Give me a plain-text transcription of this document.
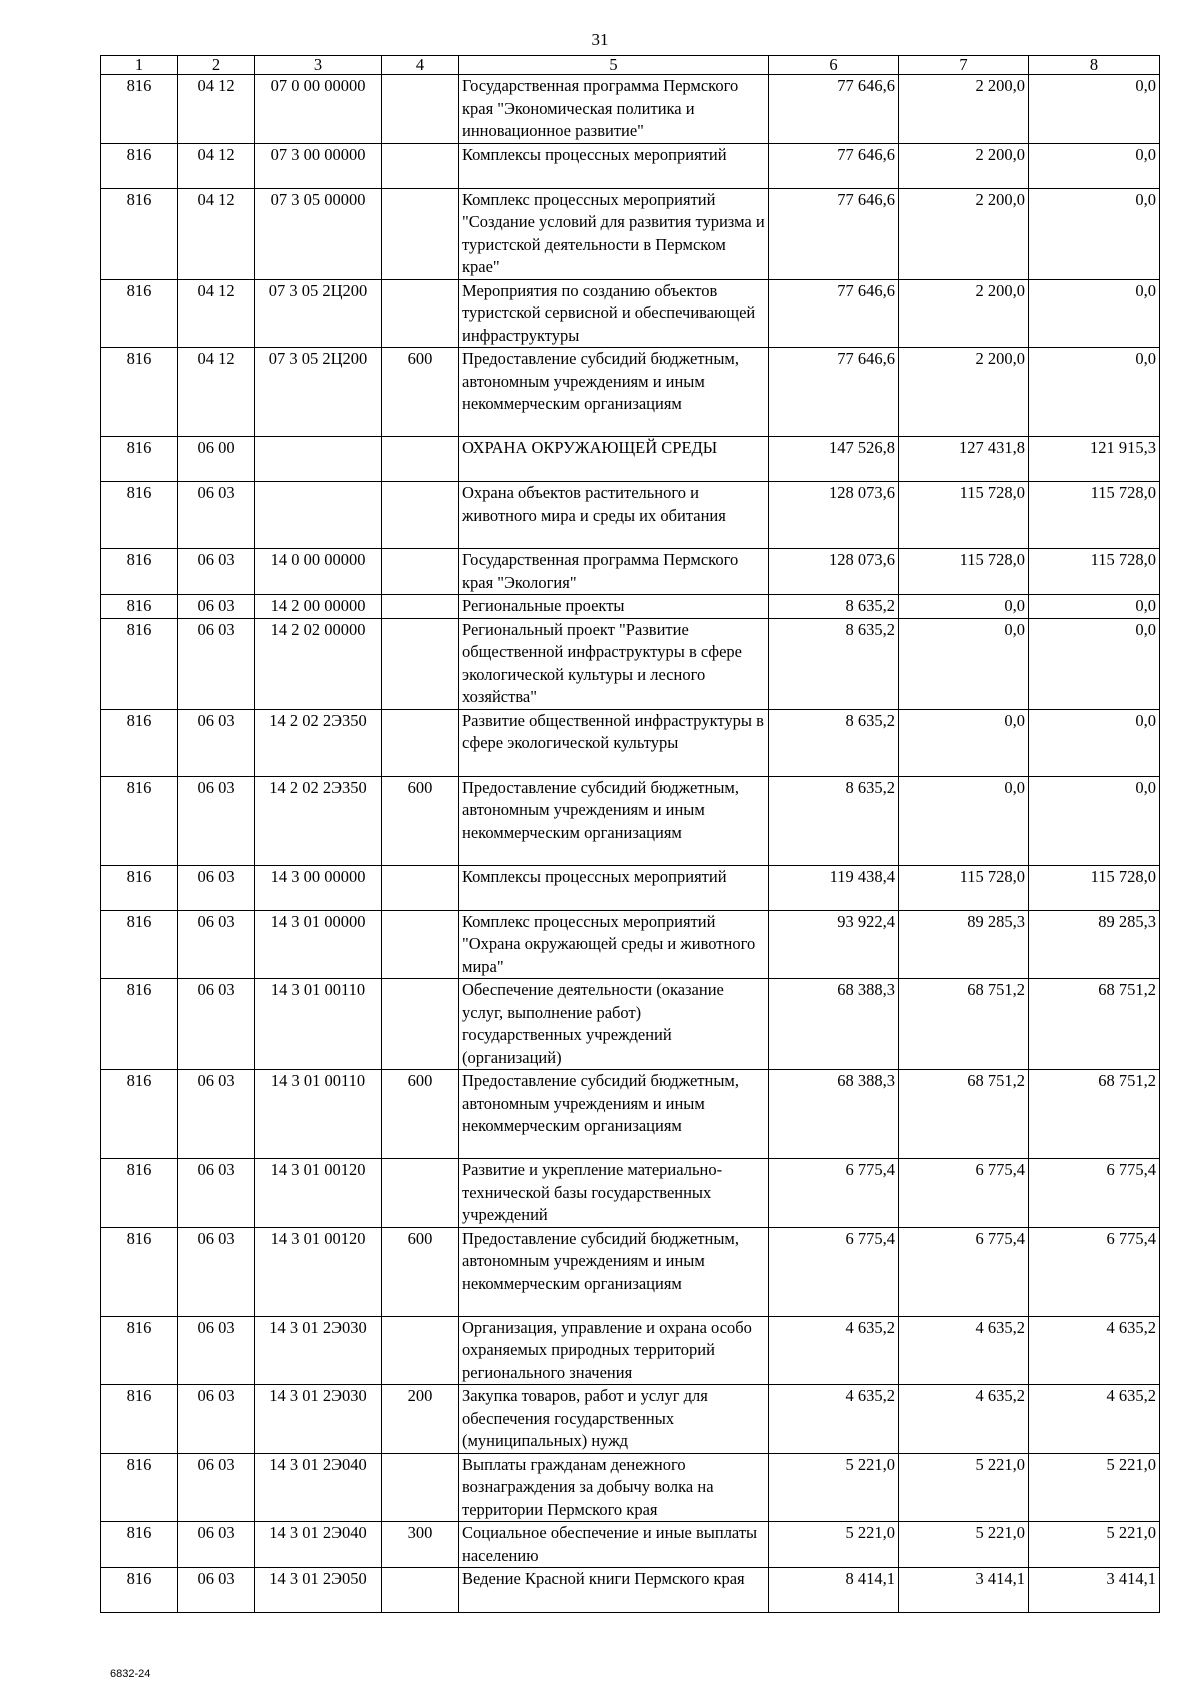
31
1	2	3	4	5	6	7	8
816	04 12	07 0 00 00000		Государственная программа Пермского края "Экономическая политика и инновационное развитие"	77 646,6	2 200,0	0,0
816	04 12	07 3 00 00000		Комплексы процессных мероприятий	77 646,6	2 200,0	0,0
816	04 12	07 3 05 00000		Комплекс процессных мероприятий "Создание условий для развития туризма и туристской деятельности в Пермском крае"	77 646,6	2 200,0	0,0
816	04 12	07 3 05 2Ц200		Мероприятия по созданию объектов туристской сервисной и обеспечивающей инфраструктуры	77 646,6	2 200,0	0,0
816	04 12	07 3 05 2Ц200	600	Предоставление субсидий бюджетным, автономным учреждениям и иным некоммерческим организациям	77 646,6	2 200,0	0,0
816	06 00			ОХРАНА ОКРУЖАЮЩЕЙ СРЕДЫ	147 526,8	127 431,8	121 915,3
816	06 03			Охрана объектов растительного и животного мира и среды их обитания	128 073,6	115 728,0	115 728,0
816	06 03	14 0 00 00000		Государственная программа Пермского края "Экология"	128 073,6	115 728,0	115 728,0
816	06 03	14 2 00 00000		Региональные проекты	8 635,2	0,0	0,0
816	06 03	14 2 02 00000		Региональный проект "Развитие общественной инфраструктуры в сфере экологической культуры и лесного хозяйства"	8 635,2	0,0	0,0
816	06 03	14 2 02 2Э350		Развитие общественной инфраструктуры в сфере экологической культуры	8 635,2	0,0	0,0
816	06 03	14 2 02 2Э350	600	Предоставление субсидий бюджетным, автономным учреждениям и иным некоммерческим организациям	8 635,2	0,0	0,0
816	06 03	14 3 00 00000		Комплексы процессных мероприятий	119 438,4	115 728,0	115 728,0
816	06 03	14 3 01 00000		Комплекс процессных мероприятий "Охрана окружающей среды и животного мира"	93 922,4	89 285,3	89 285,3
816	06 03	14 3 01 00110		Обеспечение деятельности (оказание услуг, выполнение работ) государственных учреждений (организаций)	68 388,3	68 751,2	68 751,2
816	06 03	14 3 01 00110	600	Предоставление субсидий бюджетным, автономным учреждениям и иным некоммерческим организациям	68 388,3	68 751,2	68 751,2
816	06 03	14 3 01 00120		Развитие и укрепление материально-технической базы государственных учреждений	6 775,4	6 775,4	6 775,4
816	06 03	14 3 01 00120	600	Предоставление субсидий бюджетным, автономным учреждениям и иным некоммерческим организациям	6 775,4	6 775,4	6 775,4
816	06 03	14 3 01 2Э030		Организация, управление и охрана особо охраняемых природных территорий регионального значения	4 635,2	4 635,2	4 635,2
816	06 03	14 3 01 2Э030	200	Закупка товаров, работ и услуг для обеспечения государственных (муниципальных) нужд	4 635,2	4 635,2	4 635,2
816	06 03	14 3 01 2Э040		Выплаты гражданам денежного вознаграждения за добычу волка на территории Пермского края	5 221,0	5 221,0	5 221,0
816	06 03	14 3 01 2Э040	300	Социальное обеспечение и иные выплаты населению	5 221,0	5 221,0	5 221,0
816	06 03	14 3 01 2Э050		Ведение Красной книги Пермского края	8 414,1	3 414,1	3 414,1
6832-24
